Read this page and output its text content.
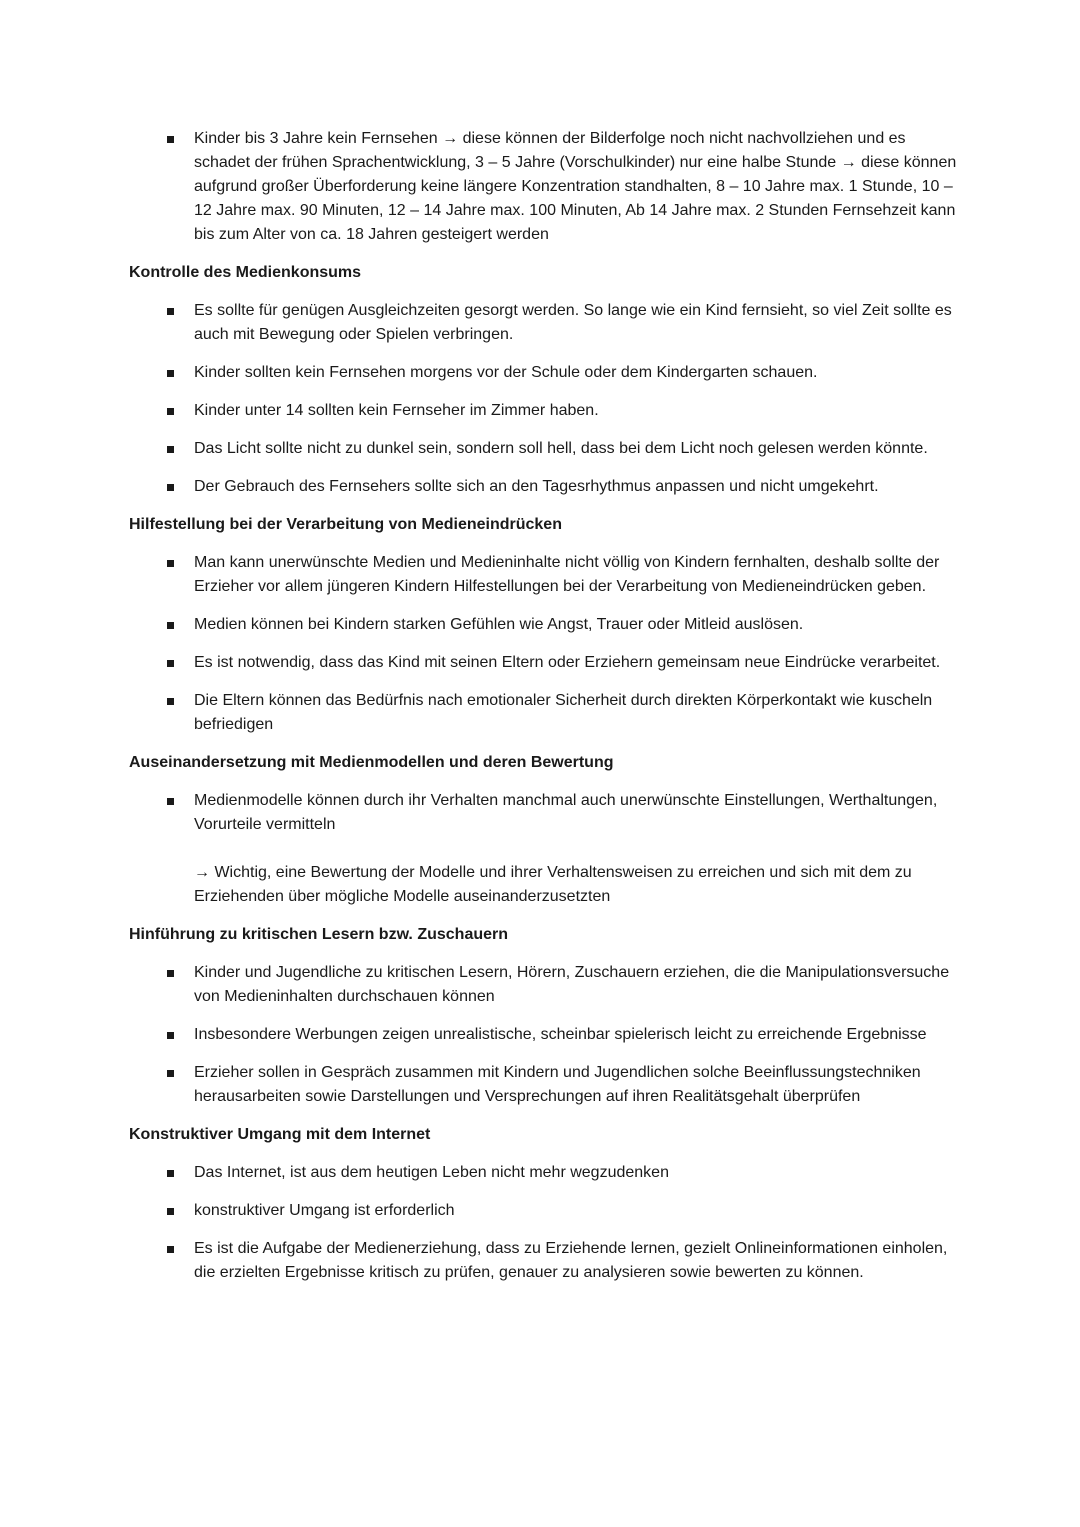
Kinder bis 3 Jahre kein Fernsehen → diese können der Bilderfolge noch nicht nachvollziehen und es schadet der frühen Sprachentwicklung, 3 – 5 Jahre (Vorschulkinder) nur eine halbe Stunde → diese können aufgrund großer Überforderung keine längere Konzentration standhalten, 8 – 10 Jahre max. 1 Stunde, 10 – 12 Jahre max. 90 Minuten, 12 – 14 Jahre max. 100 Minuten, Ab 14 Jahre max. 2 Stunden Fernsehzeit kann bis zum Alter von ca. 18 Jahren gesteigert werden
Kontrolle des Medienkonsums
Es sollte für genügen Ausgleichzeiten gesorgt werden. So lange wie ein Kind fernsieht, so viel Zeit sollte es auch mit Bewegung oder Spielen verbringen.
Kinder sollten kein Fernsehen morgens vor der Schule oder dem Kindergarten schauen.
Kinder unter 14 sollten kein Fernseher im Zimmer haben.
Das Licht sollte nicht zu dunkel sein, sondern soll hell, dass bei dem Licht noch gelesen werden könnte.
Der Gebrauch des Fernsehers sollte sich an den Tagesrhythmus anpassen und nicht umgekehrt.
Hilfestellung bei der Verarbeitung von Medieneindrücken
Man kann unerwünschte Medien und Medieninhalte nicht völlig von Kindern fernhalten, deshalb sollte der Erzieher vor allem jüngeren Kindern Hilfestellungen bei der Verarbeitung von Medieneindrücken geben.
Medien können bei Kindern starken Gefühlen wie Angst, Trauer oder Mitleid auslösen.
Es ist notwendig, dass das Kind mit seinen Eltern oder Erziehern gemeinsam neue Eindrücke verarbeitet.
Die Eltern können das Bedürfnis nach emotionaler Sicherheit durch direkten Körperkontakt wie kuscheln befriedigen
Auseinandersetzung mit Medienmodellen und deren Bewertung
Medienmodelle können durch ihr Verhalten manchmal auch unerwünschte Einstellungen, Werthaltungen, Vorurteile vermitteln
→ Wichtig, eine Bewertung der Modelle und ihrer Verhaltensweisen zu erreichen und sich mit dem zu Erziehenden über mögliche Modelle auseinanderzusetzten
Hinführung zu kritischen Lesern bzw. Zuschauern
Kinder und Jugendliche zu kritischen Lesern, Hörern, Zuschauern erziehen, die die Manipulationsversuche von Medieninhalten durchschauen können
Insbesondere Werbungen zeigen unrealistische, scheinbar spielerisch leicht zu erreichende Ergebnisse
Erzieher sollen in Gespräch zusammen mit Kindern und Jugendlichen solche Beeinflussungstechniken herausarbeiten sowie Darstellungen und Versprechungen auf ihren Realitätsgehalt überprüfen
Konstruktiver Umgang mit dem Internet
Das Internet, ist aus dem heutigen Leben nicht mehr wegzudenken
konstruktiver Umgang ist erforderlich
Es ist die Aufgabe der Medienerziehung, dass zu Erziehende lernen, gezielt Onlineinformationen einholen, die erzielten Ergebnisse kritisch zu prüfen, genauer zu analysieren sowie bewerten zu können.
